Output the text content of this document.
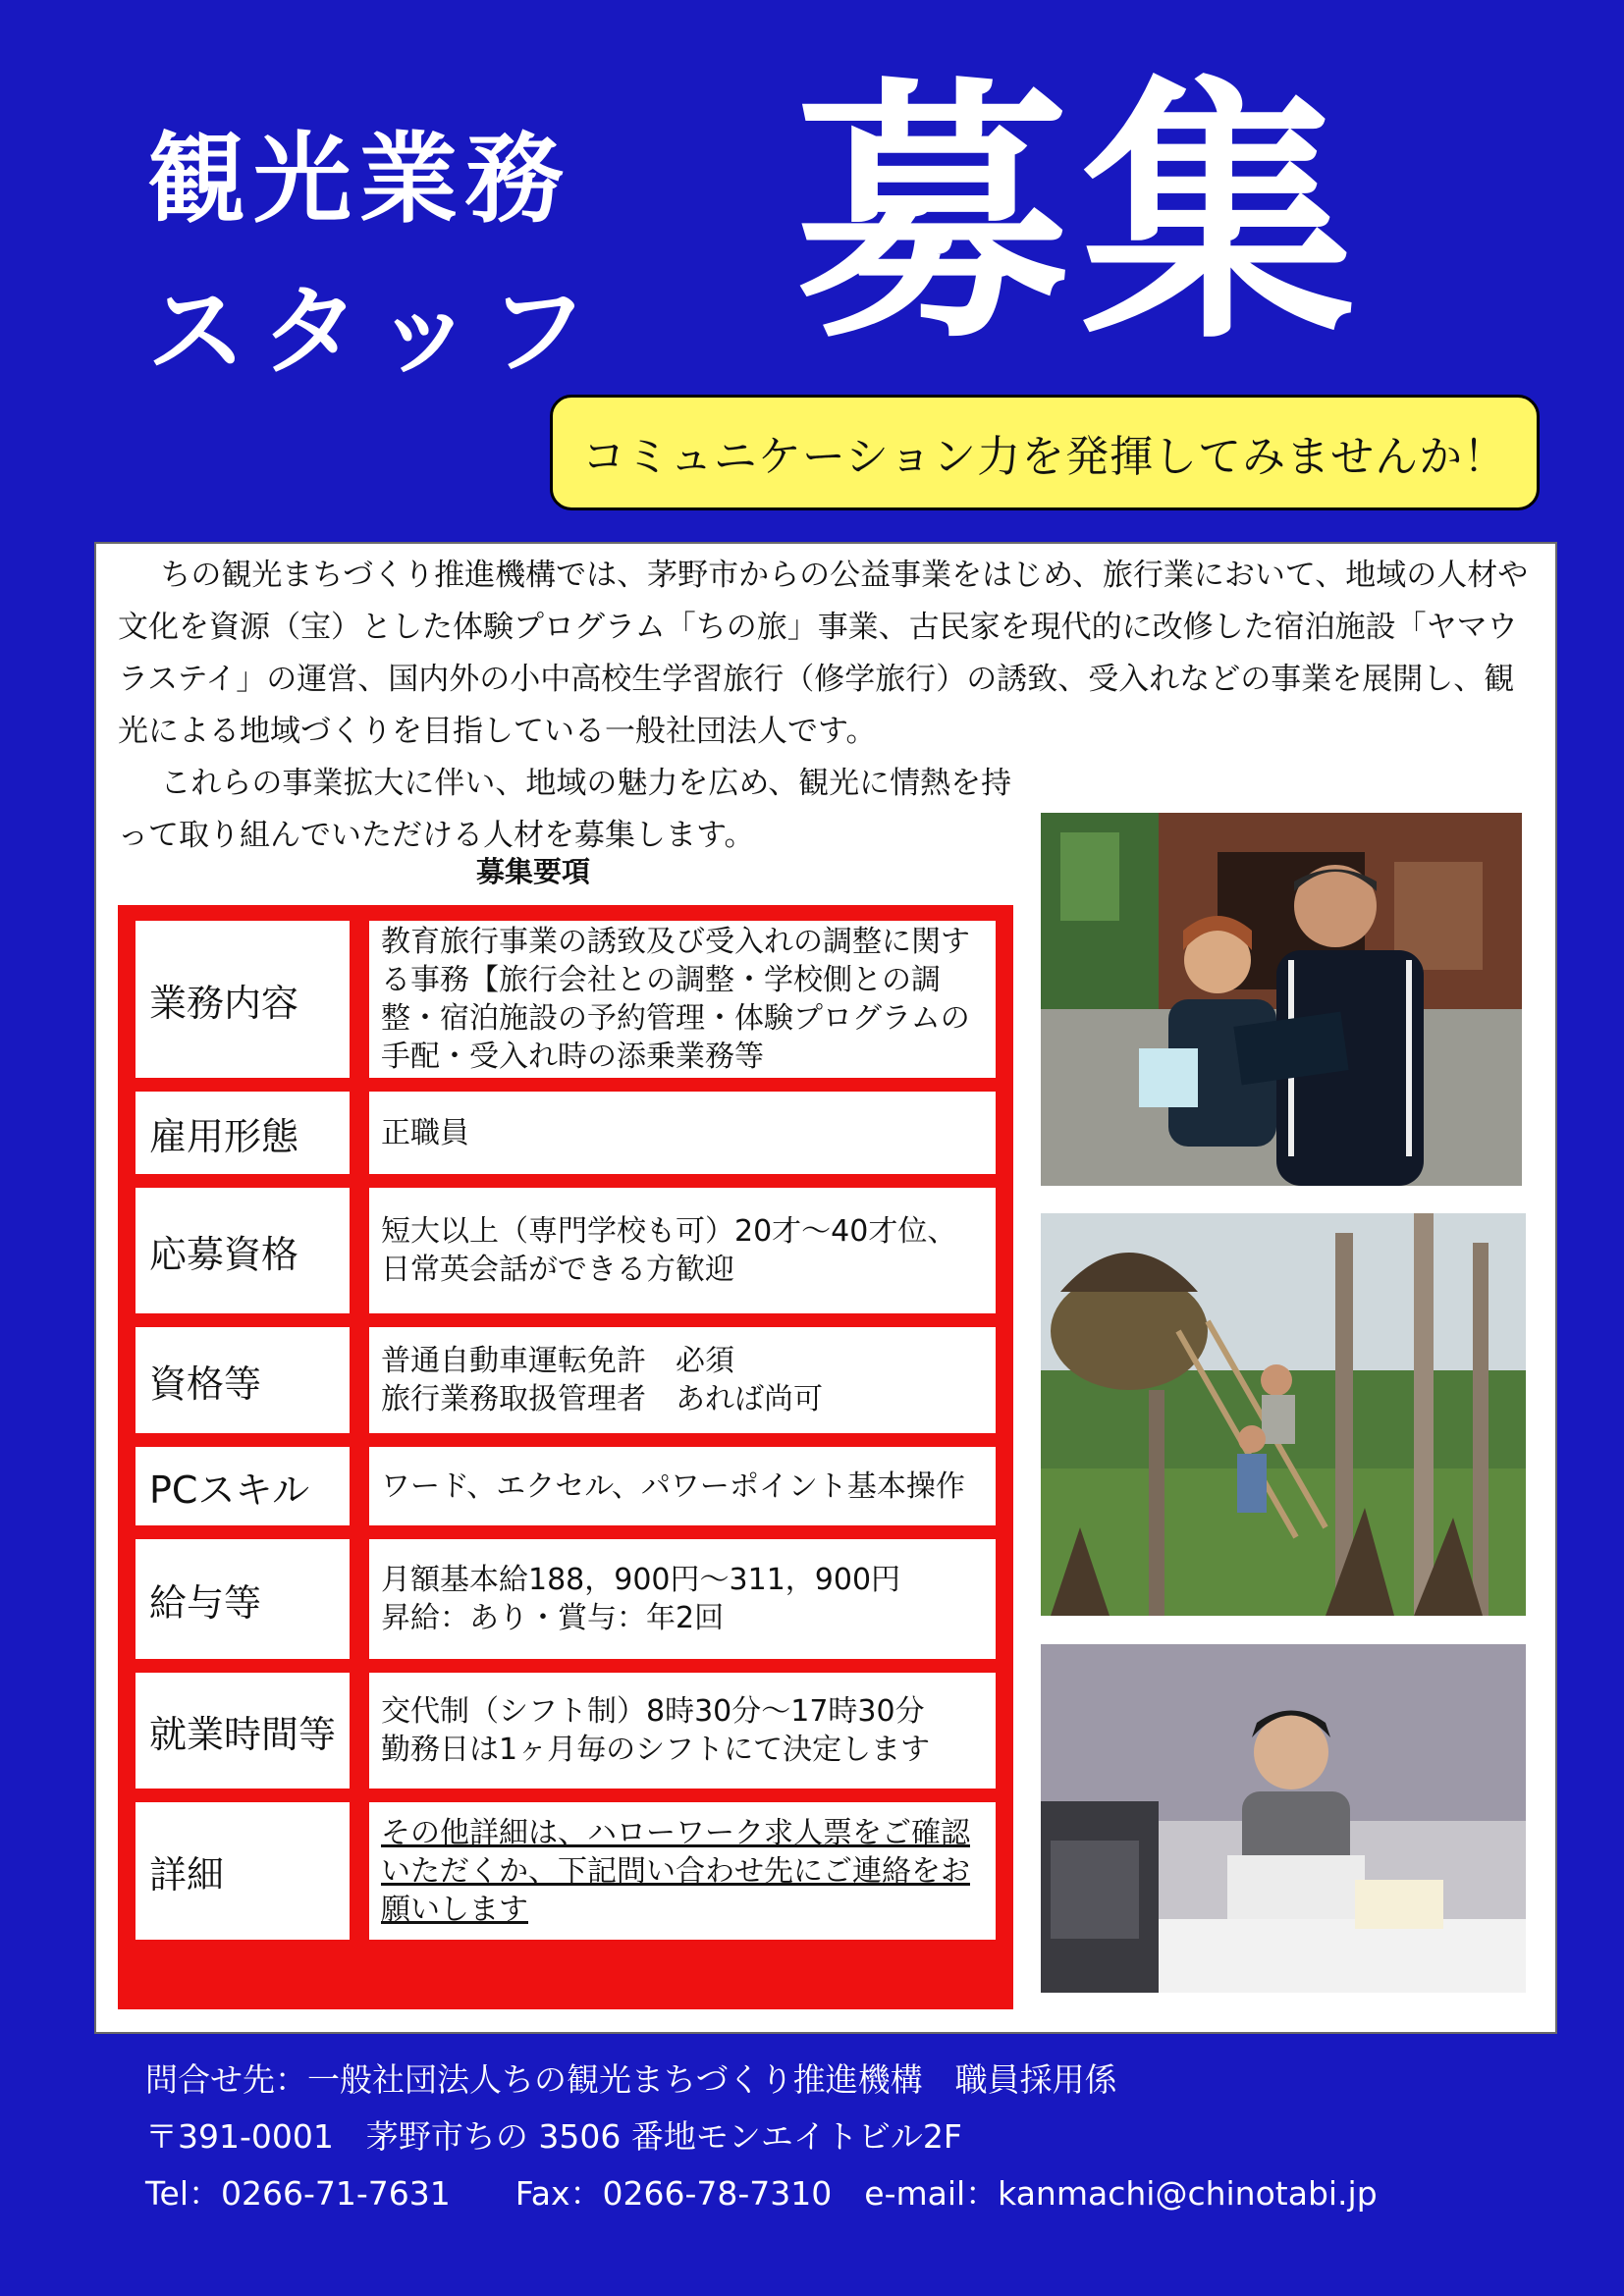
観光業務
スタッフ 募集
コミュニケーション力を発揮してみませんか！

ちの観光まちづくり推進機構では、茅野市からの公益事業をはじめ、旅行業において、地域の人材や文化を資源（宝）とした体験プログラム「ちの旅」事業、古民家を現代的に改修した宿泊施設「ヤマウラステイ」の運営、国内外の小中高校生学習旅行（修学旅行）の誘致、受入れなどの事業を展開し、観光による地域づくりを目指している一般社団法人です。

これらの事業拡大に伴い、地域の魅力を広め、観光に情熱を持って取り組んでいただける人材を募集します。

募集要項
業務内容
教育旅行事業の誘致及び受入れの調整に関する事務【旅行会社との調整・学校側との調整・宿泊施設の予約管理・体験プログラムの手配・受入れ時の添乗業務等
雇用形態	正職員
応募資格
短大以上（専門学校も可）20才～40才位、日常英会話ができる方歓迎
資格等
普通自動車運転免許　必須
旅行業務取扱管理者　あれば尚可
PCスキル	ワード、エクセル、パワーポイント基本操作
給与等
月額基本給188，900円～311，900円
昇給：あり・賞与：年2回
就業時間等
交代制（シフト制）8時30分～17時30分
勤務日は1ヶ月毎のシフトにて決定します
詳細
その他詳細は、ハローワーク求人票をご確認いただくか、下記問い合わせ先にご連絡をお願いします
問合せ先：一般社団法人ちの観光まちづくり推進機構　職員採用係
〒391-0001　茅野市ちの 3506 番地モンエイトビル2F
Tel：0266-71-7631　　Fax：0266-78-7310　e-mail：kanmachi@chinotabi.jp
